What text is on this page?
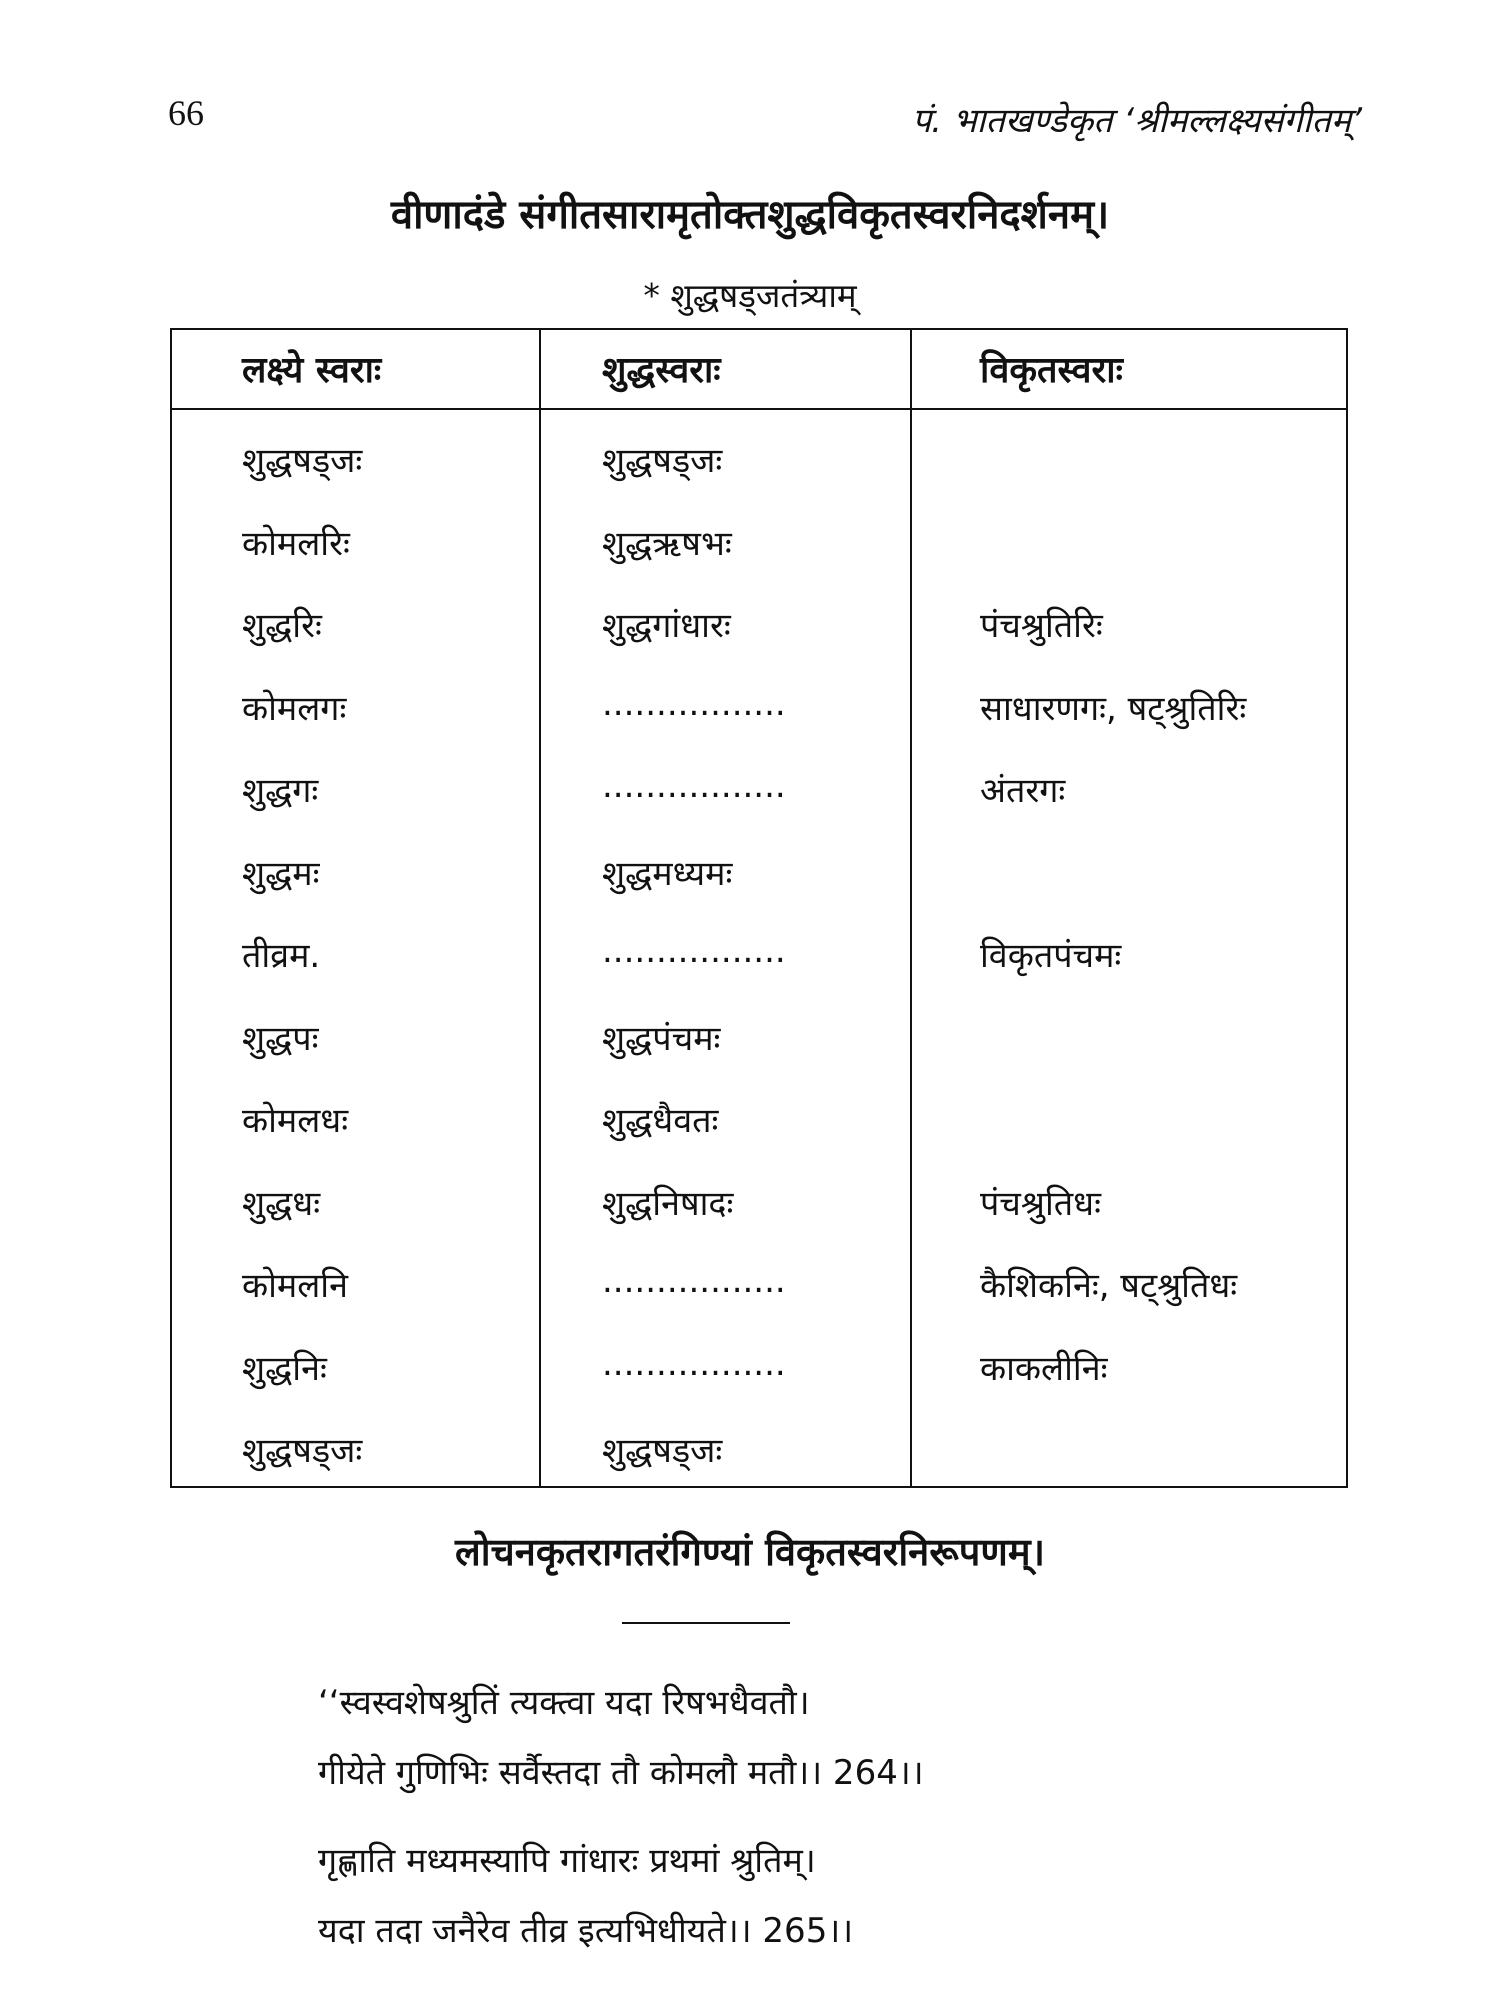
66	पं. भातखण्डेकृत ‘श्रीमल्लक्ष्यसंगीतम्’
वीणादंडे संगीतसारामृतोक्तशुद्धविकृतस्वरनिदर्शनम्।
* शुद्धषड्जतंत्र्याम्
लक्ष्ये स्वराः	शुद्धस्वराः	विकृतस्वराः
शुद्धषड्जः	शुद्धषड्जः
कोमलरिः	शुद्धऋषभः
शुद्धरिः	शुद्धगांधारः	पंचश्रुतिरिः
कोमलगः	.................	साधारणगः, षट्श्रुतिरिः
शुद्धगः	.................	अंतरगः
शुद्धमः	शुद्धमध्यमः
तीव्रम.	.................	विकृतपंचमः
शुद्धपः	शुद्धपंचमः
कोमलधः	शुद्धधैवतः
शुद्धधः	शुद्धनिषादः	पंचश्रुतिधः
कोमलनि	.................	कैशिकनिः, षट्श्रुतिधः
शुद्धनिः	.................	काकलीनिः
शुद्धषड्जः	शुद्धषड्जः
लोचनकृतरागतरंगिण्यां विकृतस्वरनिरूपणम्।
‘‘स्वस्वशेषश्रुतिं त्यक्त्वा यदा रिषभधैवतौ।
गीयेते गुणिभिः सर्वैस्तदा तौ कोमलौ मतौ।। 264।।
गृह्णाति मध्यमस्यापि गांधारः प्रथमां श्रुतिम्।
यदा तदा जनैरेव तीव्र इत्यभिधीयते।। 265।।
